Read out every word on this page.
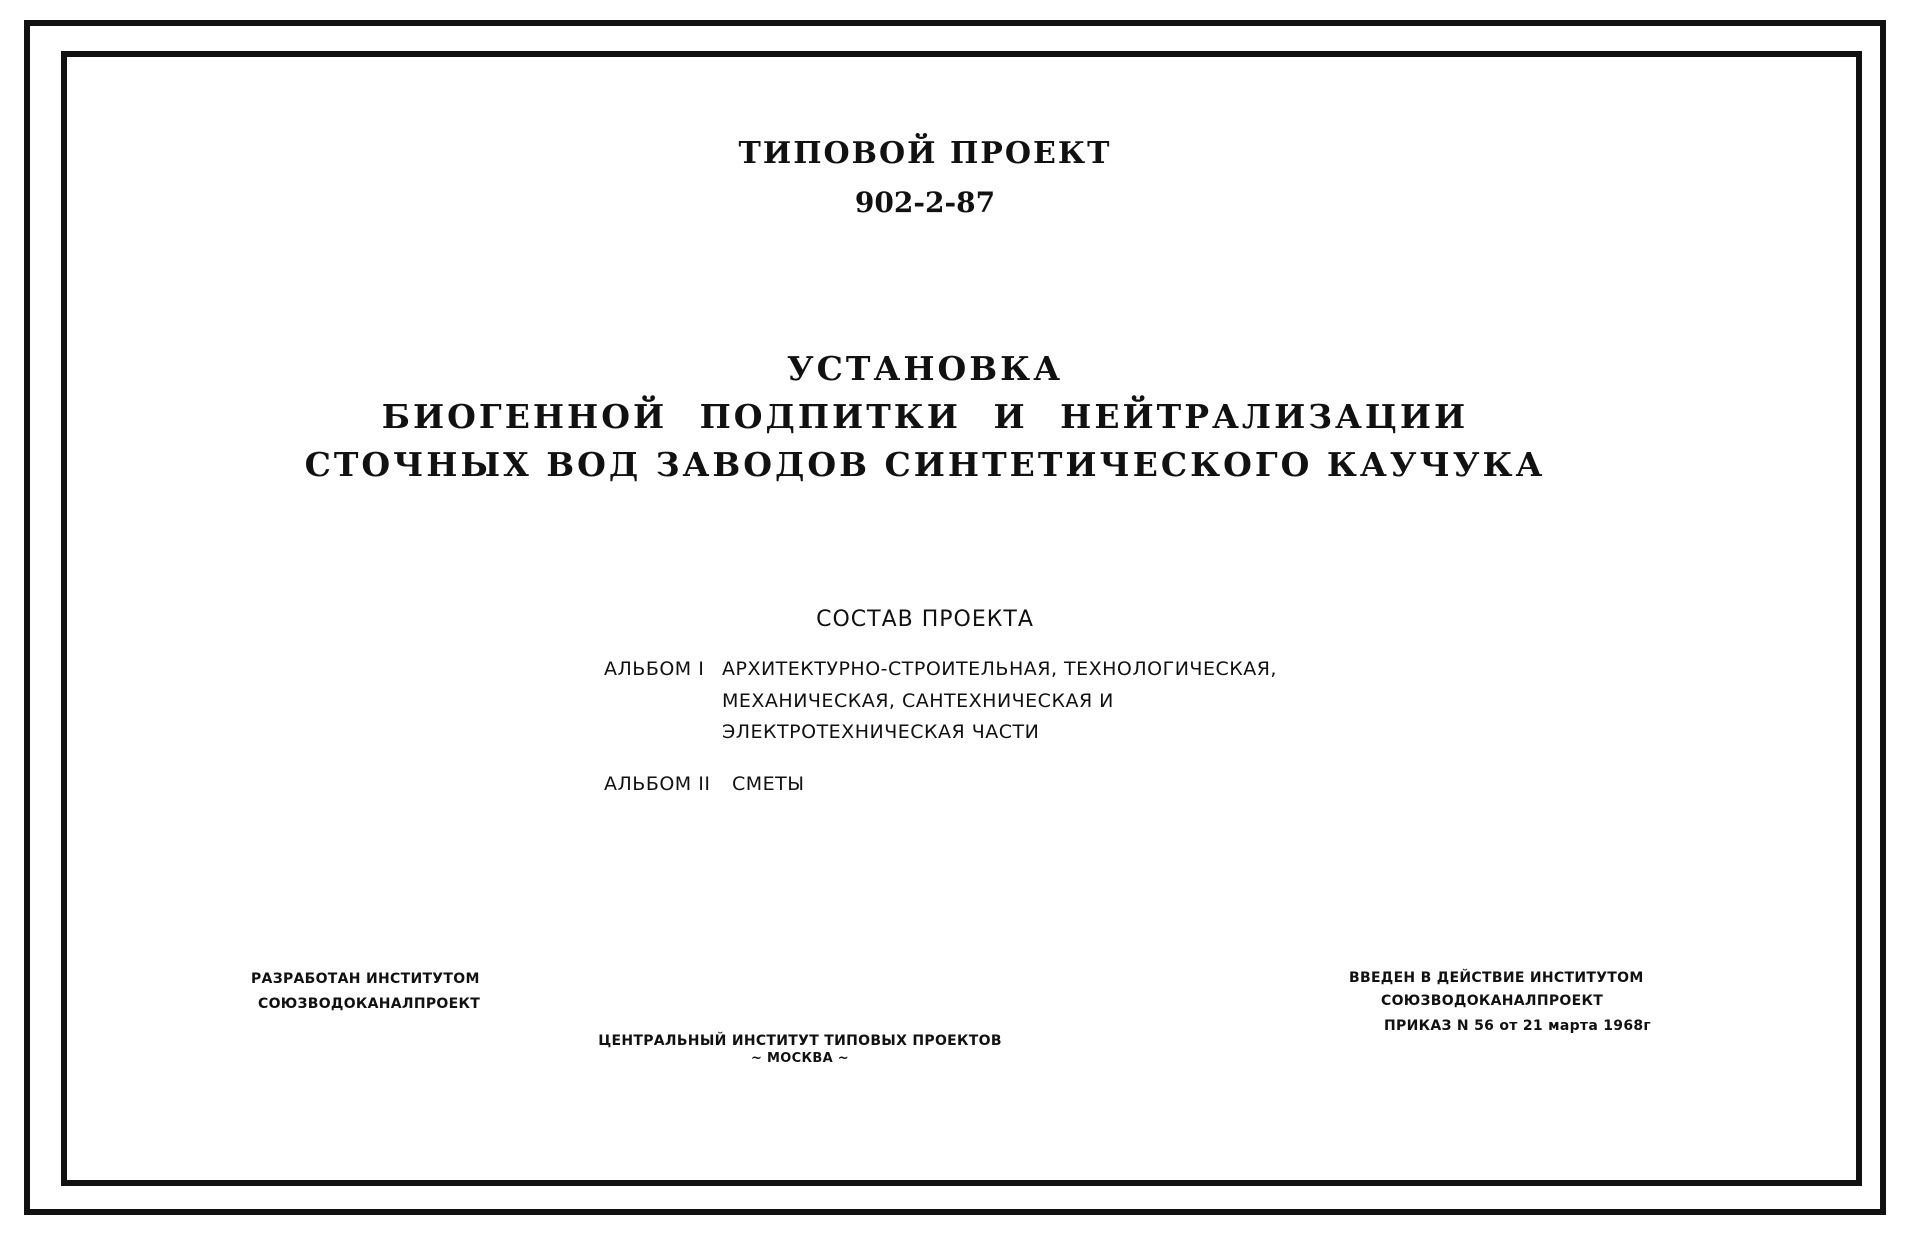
ТИПОВОЙ ПРОЕКТ
902-2-87
УСТАНОВКА
БИОГЕННОЙ ПОДПИТКИ И НЕЙТРАЛИЗАЦИИ
СТОЧНЫХ ВОД ЗАВОДОВ СИНТЕТИЧЕСКОГО КАУЧУКА
СОСТАВ ПРОЕКТА
АЛЬБОМ I АРХИТЕКТУРНО-СТРОИТЕЛЬНАЯ, ТЕХНОЛОГИЧЕСКАЯ,
МЕХАНИЧЕСКАЯ, САНТЕХНИЧЕСКАЯ И
ЭЛЕКТРОТЕХНИЧЕСКАЯ ЧАСТИ
АЛЬБОМ II СМЕТЫ
РАЗРАБОТАН ИНСТИТУТОМ
СОЮЗВОДОКАНАЛПРОЕКТ
ВВЕДЕН В ДЕЙСТВИЕ ИНСТИТУТОМ
СОЮЗВОДОКАНАЛПРОЕКТ
ПРИКАЗ N 56 от 21 марта 1968г
ЦЕНТРАЛЬНЫЙ ИНСТИТУТ ТИПОВЫХ ПРОЕКТОВ
~ МОСКВА ~
